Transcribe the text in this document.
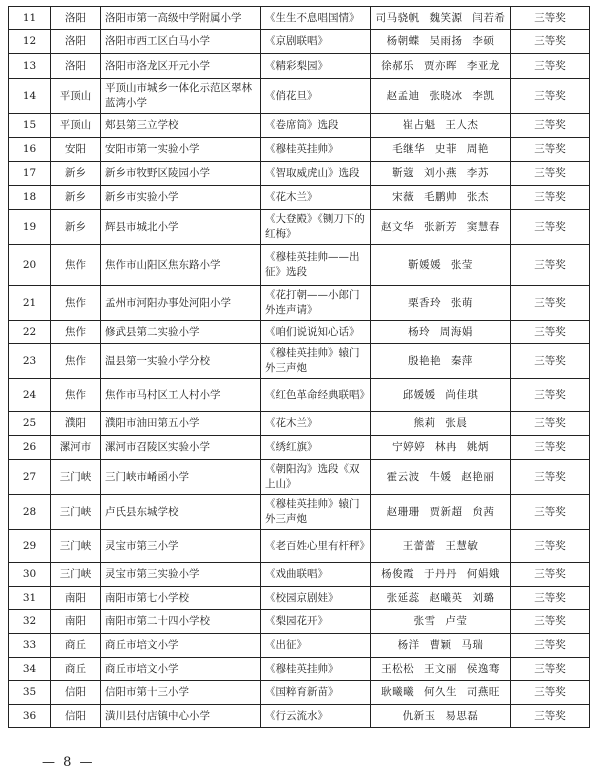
11	洛阳	洛阳市第一高级中学附属小学	《生生不息唱国情》	司马骁帆 魏笑源 闫若希	三等奖
12	洛阳	洛阳市西工区白马小学	《京剧联唱》	杨朝蝶 吴雨扬 李硕	三等奖
13	洛阳	洛阳市洛龙区开元小学	《精彩梨园》	徐郝乐 贾亦晖 李亚龙	三等奖
14	平顶山	平顶山市城乡一体化示范区翠林蓝湾小学	《俏花旦》	赵孟迪 张晓冰 李凯	三等奖
15	平顶山	郏县第三立学校	《卷席筒》选段	崔占魁 王人杰	三等奖
16	安阳	安阳市第一实验小学	《穆桂英挂帅》	毛继华 史菲 周艳	三等奖
17	新乡	新乡市牧野区陵园小学	《智取威虎山》选段	靳蔻 刘小燕 李苏	三等奖
18	新乡	新乡市实验小学	《花木兰》	宋薇 毛鹏帅 张杰	三等奖
19	新乡	辉县市城北小学	《大登殿》《铡刀下的红梅》	赵文华 张新芳 窦慧春	三等奖
20	焦作	焦作市山阳区焦东路小学	《穆桂英挂帅——出征》选段	靳媛媛 张莹	三等奖
21	焦作	孟州市河阳办事处河阳小学	《花打朝——小郎门外连声请》	栗香玲 张萌	三等奖
22	焦作	修武县第二实验小学	《咱们说说知心话》	杨玲 周海娟	三等奖
23	焦作	温县第一实验小学分校	《穆桂英挂帅》辕门外三声炮	殷艳艳 秦萍	三等奖
24	焦作	焦作市马村区工人村小学	《红色革命经典联唱》	邱媛媛 尚佳琪	三等奖
25	濮阳	濮阳市油田第五小学	《花木兰》	熊莉 张晨	三等奖
26	漯河市	漯河市召陵区实验小学	《绣红旗》	宁婷婷 林冉 姚炳	三等奖
27	三门峡	三门峡市崤函小学	《朝阳沟》选段《双上山》	霍云波 牛媛 赵艳丽	三等奖
28	三门峡	卢氏县东城学校	《穆桂英挂帅》辕门外三声炮	赵珊珊 贾新超 贠茜	三等奖
29	三门峡	灵宝市第三小学	《老百姓心里有杆秤》	王蕾蕾 王慧敏	三等奖
30	三门峡	灵宝市第三实验小学	《戏曲联唱》	杨俊霞 于丹丹 何娟娥	三等奖
31	南阳	南阳市第七小学校	《校园京剧娃》	张延蕊 赵曦英 刘璐	三等奖
32	南阳	南阳市第二十四小学校	《梨园花开》	张雪 卢莹	三等奖
33	商丘	商丘市培文小学	《出征》	杨洋 曹颖 马瑞	三等奖
34	商丘	商丘市培文小学	《穆桂英挂帅》	王松松 王文丽 侯逸骞	三等奖
35	信阳	信阳市第十三小学	《国粹育新苗》	耿曦曦 何久生 司燕旺	三等奖
36	信阳	潢川县付店镇中心小学	《行云流水》	仇新玉 易思磊	三等奖
— 8 —
